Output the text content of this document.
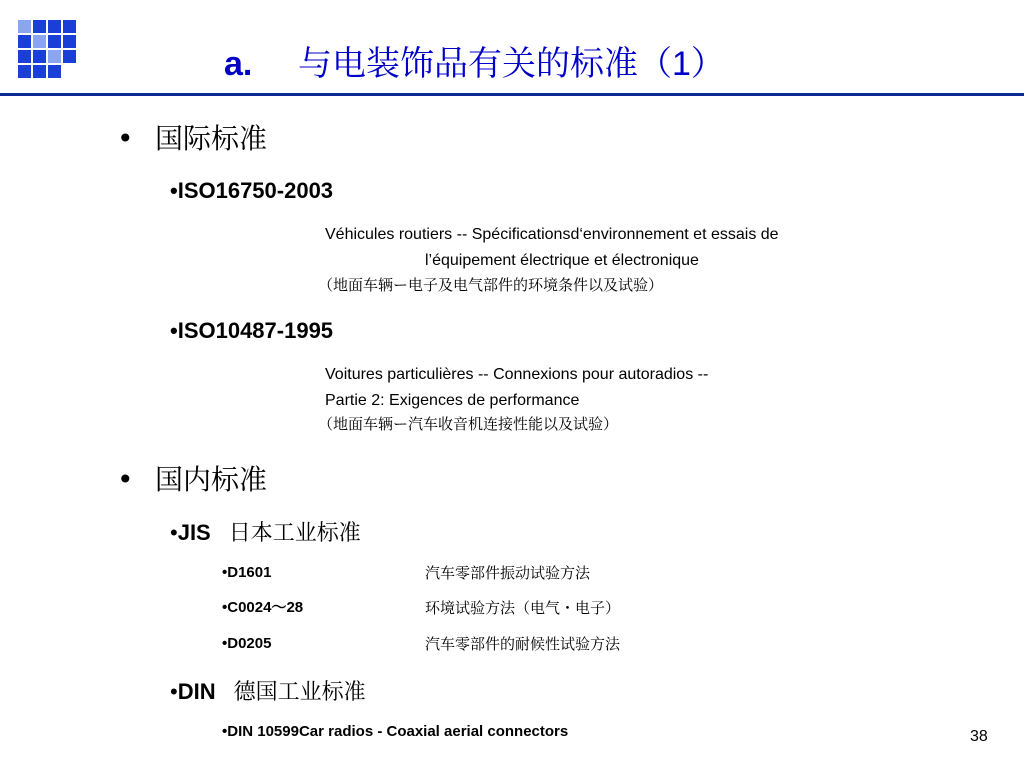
a. 与电装饰品有关的标准（1）
• 国际标准
•ISO16750-2003
Véhicules routiers -- Spécificationsd‘environnement et essais de
l’équipement électrique et électronique
（地面车辆ー电子及电气部件的环境条件以及试验）
•ISO10487-1995
Voitures particulières -- Connexions pour autoradios --
Partie 2: Exigences de performance
（地面车辆ー汽车收音机连接性能以及试验）
• 国内标准
•JIS 日本工业标准
•D1601	汽车零部件振动试验方法
•C0024～28	环境试验方法（电气・电子）
•D0205	汽车零部件的耐候性试验方法
•DIN 德国工业标准
•DIN 10599Car radios - Coaxial aerial connectors	38
